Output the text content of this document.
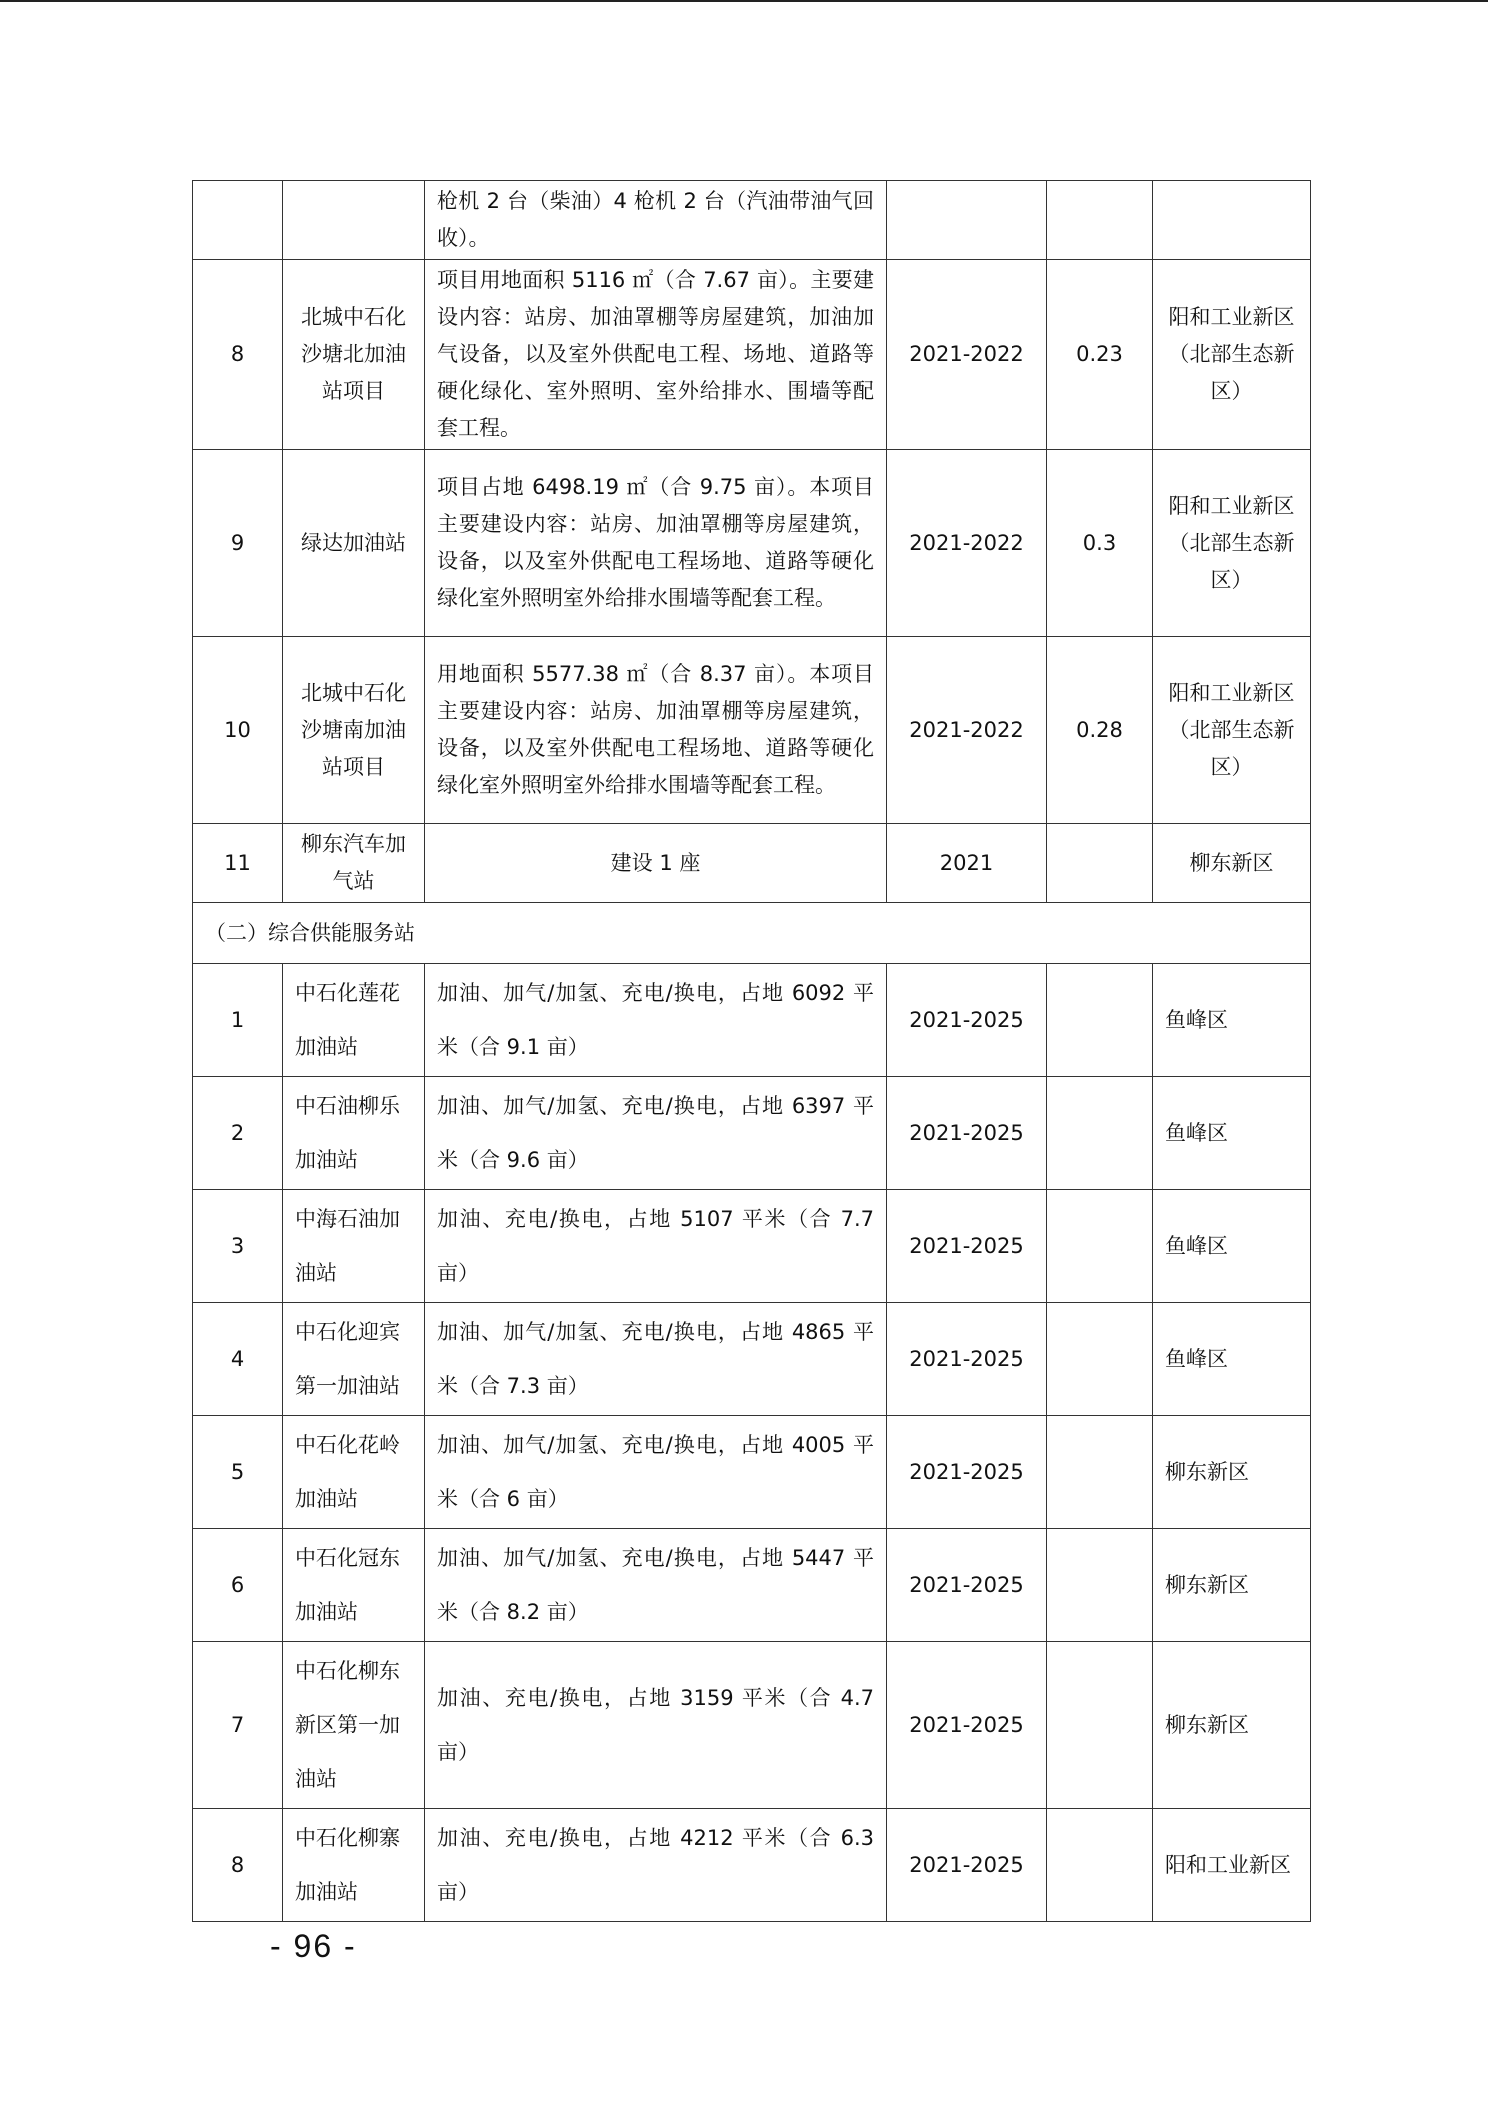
		枪机 2 台（柴油）4 枪机 2 台（汽油带油气回收）。			
8	北城中石化沙塘北加油站项目	项目用地面积 5116 ㎡（合 7.67 亩）。主要建设内容：站房、加油罩棚等房屋建筑，加油加气设备，以及室外供配电工程、场地、道路等硬化绿化、室外照明、室外给排水、围墙等配套工程。	2021-2022	0.23	阳和工业新区（北部生态新区）
9	绿达加油站	项目占地 6498.19 ㎡（合 9.75 亩）。本项目主要建设内容：站房、加油罩棚等房屋建筑，设备，以及室外供配电工程场地、道路等硬化绿化室外照明室外给排水围墙等配套工程。	2021-2022	0.3	阳和工业新区（北部生态新区）
10	北城中石化沙塘南加油站项目	用地面积 5577.38 ㎡（合 8.37 亩）。本项目主要建设内容：站房、加油罩棚等房屋建筑，设备，以及室外供配电工程场地、道路等硬化绿化室外照明室外给排水围墙等配套工程。	2021-2022	0.28	阳和工业新区（北部生态新区）
11	柳东汽车加气站	建设 1 座	2021		柳东新区
（二）综合供能服务站					
1	中石化莲花加油站	加油、加气/加氢、充电/换电，占地 6092 平米（合 9.1 亩）	2021-2025		鱼峰区
2	中石油柳乐加油站	加油、加气/加氢、充电/换电，占地 6397 平米（合 9.6 亩）	2021-2025		鱼峰区
3	中海石油加油站	加油、充电/换电，占地 5107 平米（合 7.7 亩）	2021-2025		鱼峰区
4	中石化迎宾第一加油站	加油、加气/加氢、充电/换电，占地 4865 平米（合 7.3 亩）	2021-2025		鱼峰区
5	中石化花岭加油站	加油、加气/加氢、充电/换电，占地 4005 平米（合 6 亩）	2021-2025		柳东新区
6	中石化冠东加油站	加油、加气/加氢、充电/换电，占地 5447 平米（合 8.2 亩）	2021-2025		柳东新区
7	中石化柳东新区第一加油站	加油、充电/换电，占地 3159 平米（合 4.7 亩）	2021-2025		柳东新区
8	中石化柳寨加油站	加油、充电/换电，占地 4212 平米（合 6.3 亩）	2021-2025		阳和工业新区
- 96 -
